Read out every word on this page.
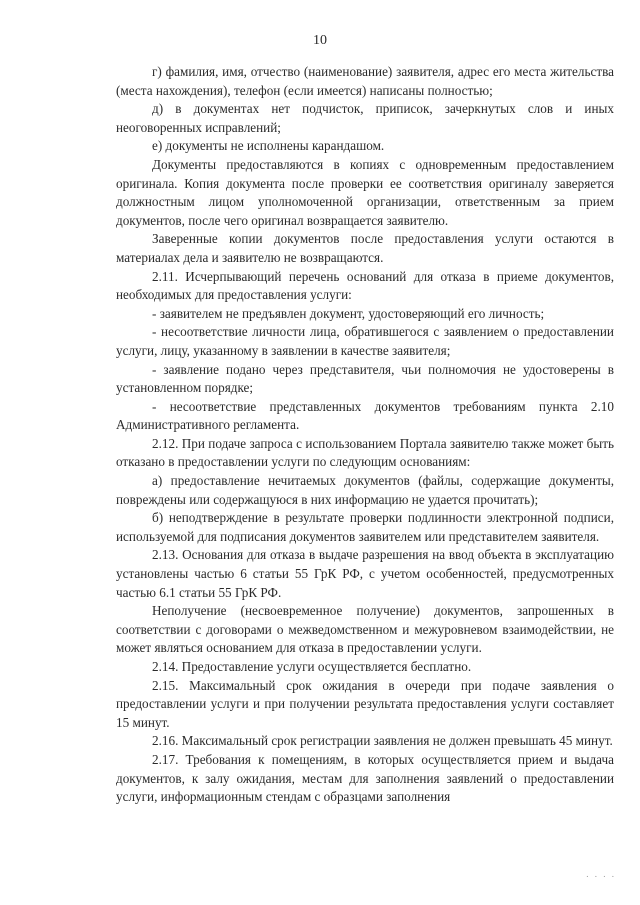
10

г) фамилия, имя, отчество (наименование) заявителя, адрес его места жительства (места нахождения), телефон (если имеется) написаны полностью;

д) в документах нет подчисток, приписок, зачеркнутых слов и иных неоговоренных исправлений;

е) документы не исполнены карандашом.

Документы предоставляются в копиях с одновременным предоставлением оригинала. Копия документа после проверки ее соответствия оригиналу заверяется должностным лицом уполномоченной организации, ответственным за прием документов, после чего оригинал возвращается заявителю.

Заверенные копии документов после предоставления услуги остаются в материалах дела и заявителю не возвращаются.

2.11. Исчерпывающий перечень оснований для отказа в приеме документов, необходимых для предоставления услуги:

- заявителем не предъявлен документ, удостоверяющий его личность;

- несоответствие личности лица, обратившегося с заявлением о предоставлении услуги, лицу, указанному в заявлении в качестве заявителя;

- заявление подано через представителя, чьи полномочия не удостоверены в установленном порядке;

- несоответствие представленных документов требованиям пункта 2.10 Административного регламента.

2.12. При подаче запроса с использованием Портала заявителю также может быть отказано в предоставлении услуги по следующим основаниям:

а) предоставление нечитаемых документов (файлы, содержащие документы, повреждены или содержащуюся в них информацию не удается прочитать);

б) неподтверждение в результате проверки подлинности электронной подписи, используемой для подписания документов заявителем или представителем заявителя.

2.13. Основания для отказа в выдаче разрешения на ввод объекта в эксплуатацию установлены частью 6 статьи 55 ГрК РФ, с учетом особенностей, предусмотренных частью 6.1 статьи 55 ГрК РФ.

Неполучение (несвоевременное получение) документов, запрошенных в соответствии с договорами о межведомственном и межуровневом взаимодействии, не может являться основанием для отказа в предоставлении услуги.

2.14. Предоставление услуги осуществляется бесплатно.

2.15. Максимальный срок ожидания в очереди при подаче заявления о предоставлении услуги и при получении результата предоставления услуги составляет 15 минут.

2.16. Максимальный срок регистрации заявления не должен превышать 45 минут.

2.17. Требования к помещениям, в которых осуществляется прием и выдача документов, к залу ожидания, местам для заполнения заявлений о предоставлении услуги, информационным стендам с образцами заполнения

. . . .
